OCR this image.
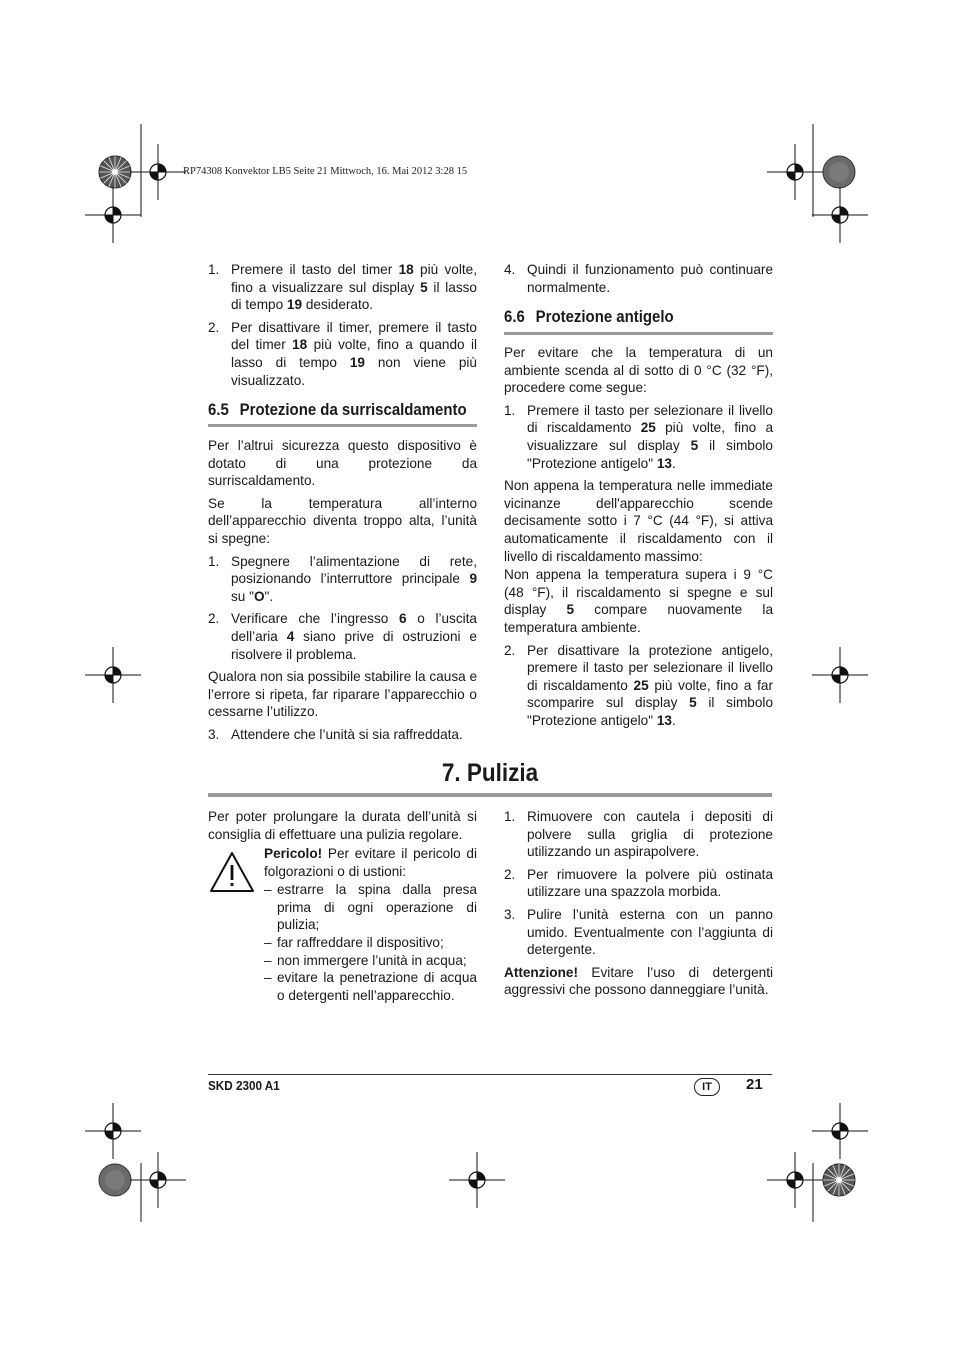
RP74308 Konvektor LB5 Seite 21 Mittwoch, 16. Mai 2012 3:28 15
1. Premere il tasto del timer 18 più volte, fino a visualizzare sul display 5 il lasso di tempo 19 desiderato.
2. Per disattivare il timer, premere il tasto del timer 18 più volte, fino a quando il lasso di tempo 19 non viene più visualizzato.
6.5 Protezione da surriscaldamento

Per l’altrui sicurezza questo dispositivo è dotato di una protezione da surriscaldamento.

Se la temperatura all’interno dell’apparecchio diventa troppo alta, l’unità si spegne:

1. Spegnere l’alimentazione di rete, posizionando l’interruttore principale 9 su "O".
2. Verificare che l’ingresso 6 o l’uscita dell’aria 4 siano prive di ostruzioni e risolvere il problema.

Qualora non sia possibile stabilire la causa e l’errore si ripeta, far riparare l’apparecchio o cessarne l’utilizzo.

3. Attendere che l’unità si sia raffreddata.
4. Quindi il funzionamento può continuare normalmente.
6.6 Protezione antigelo

Per evitare che la temperatura di un ambiente scenda al di sotto di 0 °C (32 °F), procedere come segue:

1. Premere il tasto per selezionare il livello di riscaldamento 25 più volte, fino a visualizzare sul display 5 il simbolo "Protezione antigelo" 13.

Non appena la temperatura nelle immediate vicinanze dell'apparecchio scende decisamente sotto i 7 °C (44 °F), si attiva automaticamente il riscaldamento con il livello di riscaldamento massimo:

Non appena la temperatura supera i 9 °C (48 °F), il riscaldamento si spegne e sul display 5 compare nuovamente la temperatura ambiente.

2. Per disattivare la protezione antigelo, premere il tasto per selezionare il livello di riscaldamento 25 più volte, fino a far scomparire sul display 5 il simbolo "Protezione antigelo" 13.
7. Pulizia

Per poter prolungare la durata dell’unità si consiglia di effettuare una pulizia regolare.

Pericolo! Per evitare il pericolo di folgorazioni o di ustioni:

– estrarre la spina dalla presa prima di ogni operazione di pulizia;
– far raffreddare il dispositivo;
– non immergere l’unità in acqua;
– evitare la penetrazione di acqua o detergenti nell’apparecchio.
1. Rimuovere con cautela i depositi di polvere sulla griglia di protezione utilizzando un aspirapolvere.
2. Per rimuovere la polvere più ostinata utilizzare una spazzola morbida.
3. Pulire l’unità esterna con un panno umido. Eventualmente con l’aggiunta di detergente.

Attenzione! Evitare l’uso di detergenti aggressivi che possono danneggiare l’unità.

SKD 2300 A1	IT	21
